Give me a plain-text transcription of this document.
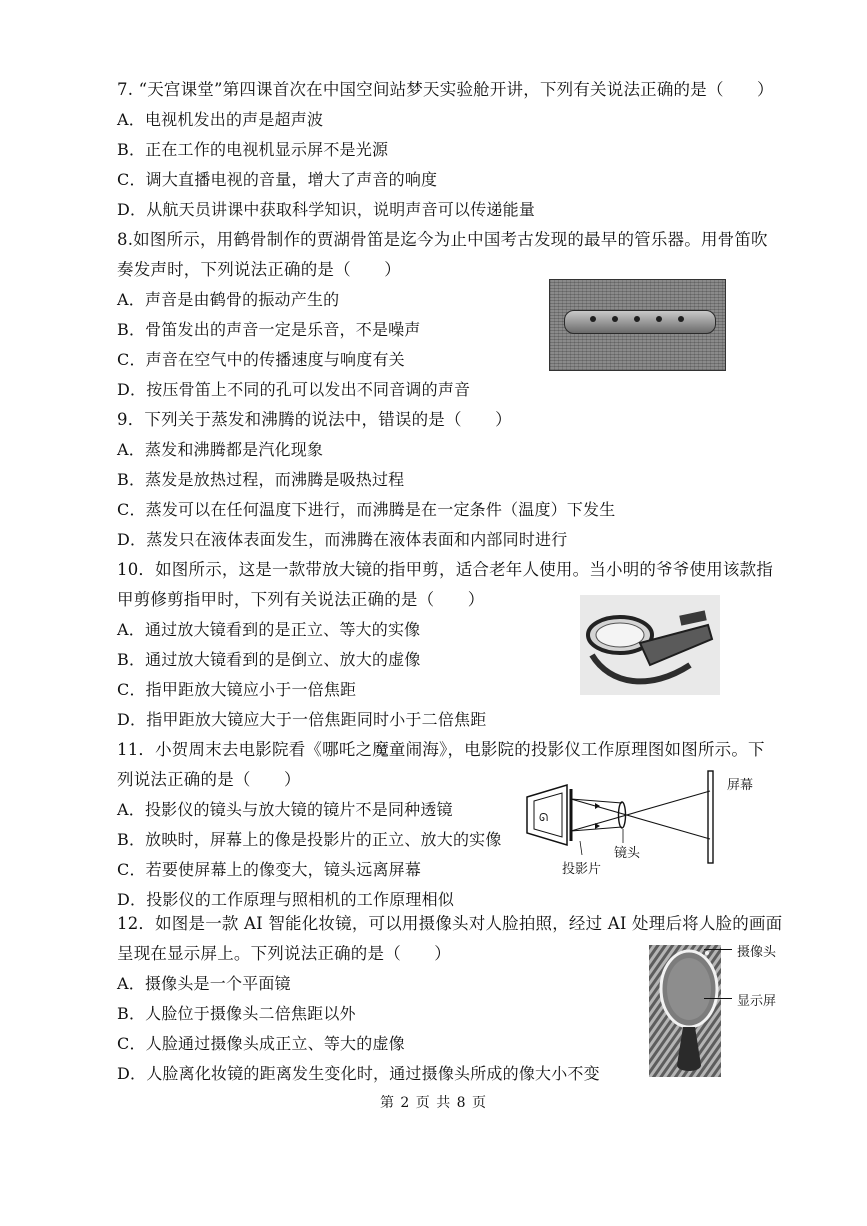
7. “天宫课堂”第四课首次在中国空间站梦天实验舱开讲，下列有关说法正确的是（　　）
A．电视机发出的声是超声波
B．正在工作的电视机显示屏不是光源
C．调大直播电视的音量，增大了声音的响度
D．从航天员讲课中获取科学知识，说明声音可以传递能量
8.如图所示，用鹤骨制作的贾湖骨笛是迄今为止中国考古发现的最早的管乐器。用骨笛吹
奏发声时，下列说法正确的是（　　）
A．声音是由鹤骨的振动产生的
B．骨笛发出的声音一定是乐音，不是噪声
C．声音在空气中的传播速度与响度有关
D．按压骨笛上不同的孔可以发出不同音调的声音
9．下列关于蒸发和沸腾的说法中，错误的是（　　）
A．蒸发和沸腾都是汽化现象
B．蒸发是放热过程，而沸腾是吸热过程
C．蒸发可以在任何温度下进行，而沸腾是在一定条件（温度）下发生
D．蒸发只在液体表面发生，而沸腾在液体表面和内部同时进行
10．如图所示，这是一款带放大镜的指甲剪，适合老年人使用。当小明的爷爷使用该款指
甲剪修剪指甲时，下列有关说法正确的是（　　）
A．通过放大镜看到的是正立、等大的实像
B．通过放大镜看到的是倒立、放大的虚像
C．指甲距放大镜应小于一倍焦距
D．指甲距放大镜应大于一倍焦距同时小于二倍焦距
11．小贺周末去电影院看《哪吒之魔童闹海》，电影院的投影仪工作原理图如图所示。下
列说法正确的是（　　）
A．投影仪的镜头与放大镜的镜片不是同种透镜
B．放映时，屏幕上的像是投影片的正立、放大的实像
C．若要使屏幕上的像变大，镜头远离屏幕
D．投影仪的工作原理与照相机的工作原理相似
ᘏ
屏幕
投影片
镜头
12．如图是一款 AI 智能化妆镜，可以用摄像头对人脸拍照，经过 AI 处理后将人脸的画面
呈现在显示屏上。下列说法正确的是（　　）
A．摄像头是一个平面镜
B．人脸位于摄像头二倍焦距以外
C．人脸通过摄像头成正立、等大的虚像
D．人脸离化妆镜的距离发生变化时，通过摄像头所成的像大小不变
摄像头
显示屏
第 2 页 共 8 页
